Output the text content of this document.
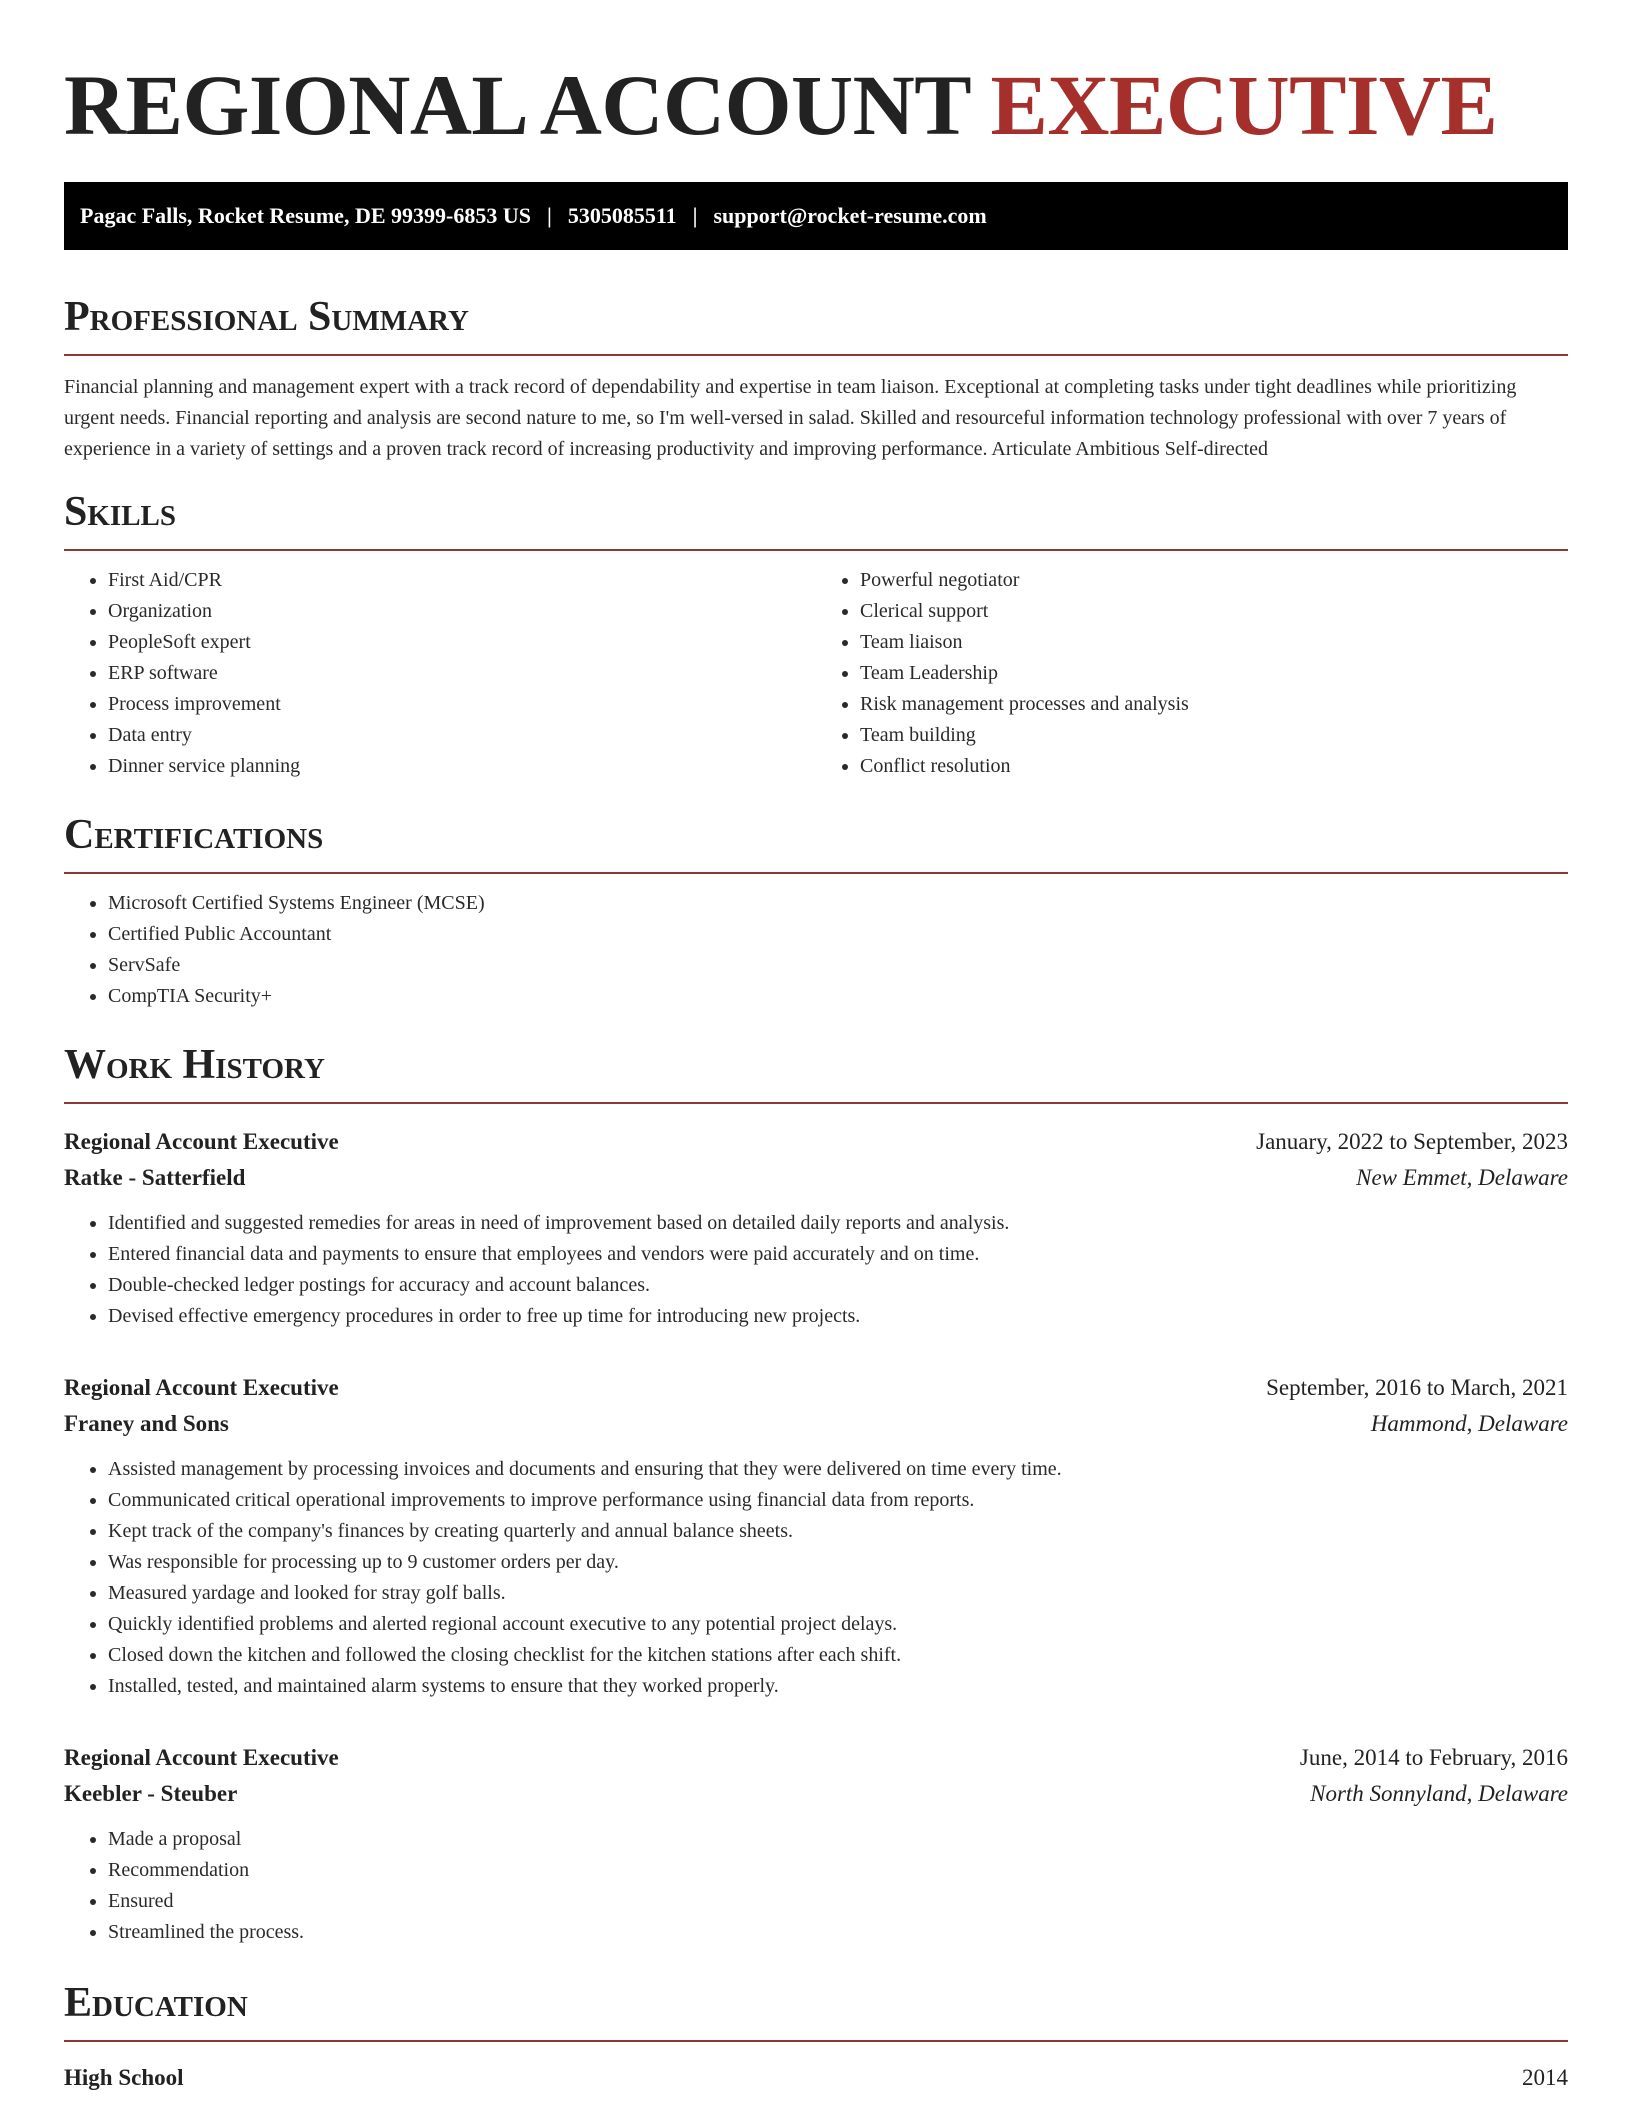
REGIONAL ACCOUNT EXECUTIVE
Pagac Falls, Rocket Resume, DE 99399-6853 US | 5305085511 | support@rocket-resume.com
Professional Summary

Financial planning and management expert with a track record of dependability and expertise in team liaison. Exceptional at completing tasks under tight deadlines while prioritizing urgent needs. Financial reporting and analysis are second nature to me, so I'm well-versed in salad. Skilled and resourceful information technology professional with over 7 years of experience in a variety of settings and a proven track record of increasing productivity and improving performance. Articulate Ambitious Self-directed

Skills
• First Aid/CPR
• Organization
• PeopleSoft expert
• ERP software
• Process improvement
• Data entry
• Dinner service planning
• Powerful negotiator
• Clerical support
• Team liaison
• Team Leadership
• Risk management processes and analysis
• Team building
• Conflict resolution
Certifications
• Microsoft Certified Systems Engineer (MCSE)
• Certified Public Accountant
• ServSafe
• CompTIA Security+
Work History
Regional Account Executive	January, 2022 to September, 2023
Ratke - Satterfield	New Emmet, Delaware
• Identified and suggested remedies for areas in need of improvement based on detailed daily reports and analysis.
• Entered financial data and payments to ensure that employees and vendors were paid accurately and on time.
• Double-checked ledger postings for accuracy and account balances.
• Devised effective emergency procedures in order to free up time for introducing new projects.
Regional Account Executive	September, 2016 to March, 2021
Franey and Sons	Hammond, Delaware
• Assisted management by processing invoices and documents and ensuring that they were delivered on time every time.
• Communicated critical operational improvements to improve performance using financial data from reports.
• Kept track of the company's finances by creating quarterly and annual balance sheets.
• Was responsible for processing up to 9 customer orders per day.
• Measured yardage and looked for stray golf balls.
• Quickly identified problems and alerted regional account executive to any potential project delays.
• Closed down the kitchen and followed the closing checklist for the kitchen stations after each shift.
• Installed, tested, and maintained alarm systems to ensure that they worked properly.
Regional Account Executive	June, 2014 to February, 2016
Keebler - Steuber	North Sonnyland, Delaware
• Made a proposal
• Recommendation
• Ensured
• Streamlined the process.
Education
High School	2014
